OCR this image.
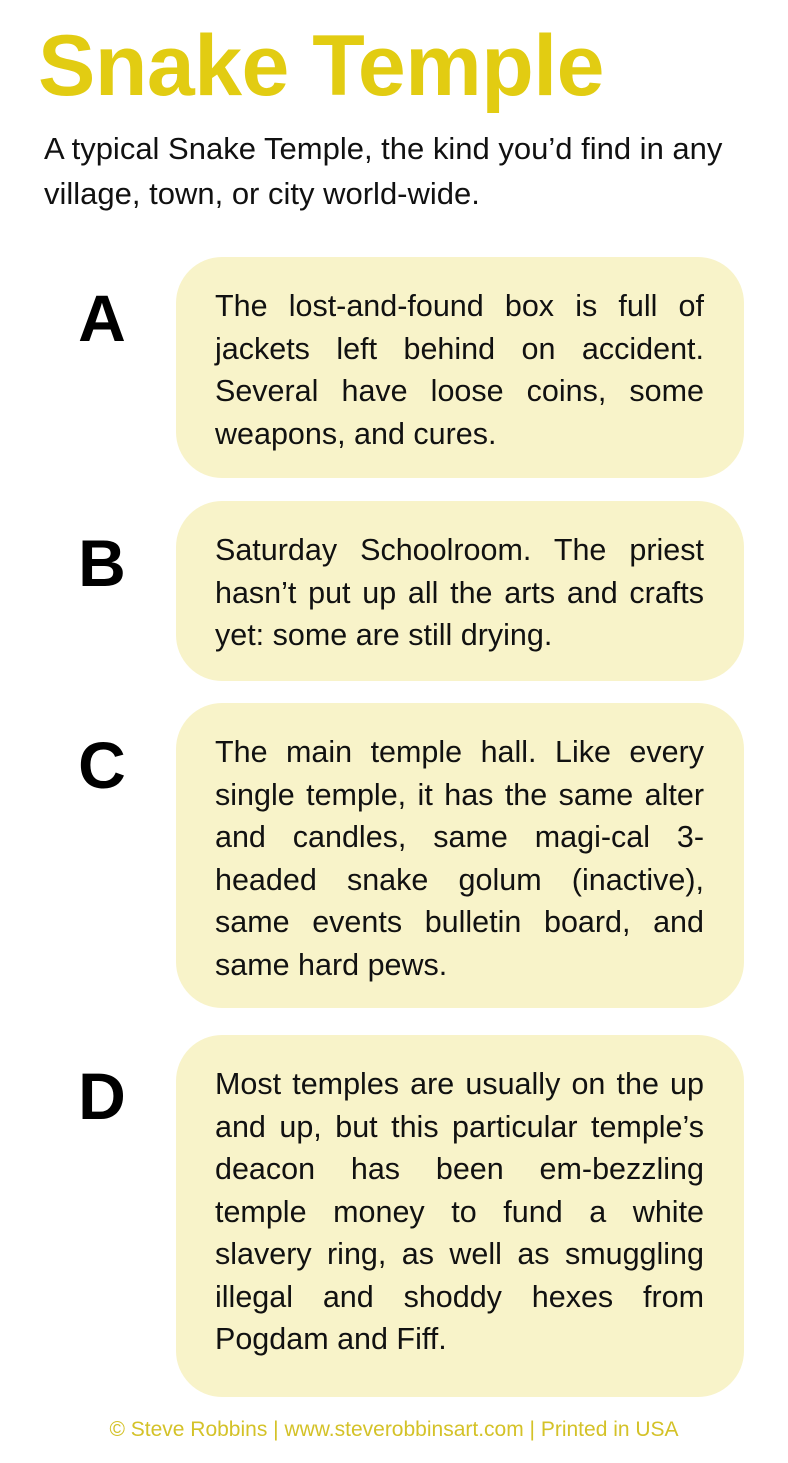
Snake Temple

A typical Snake Temple, the kind you’d find in any village, town, or city world-wide.

A	The lost-and-found box is full of jackets left behind on accident. Several have loose coins, some weapons, and cures.

B	Saturday Schoolroom. The priest hasn’t put up all the arts and crafts yet: some are still drying.

C	The main temple hall. Like every single temple, it has the same alter and candles, same magi-cal 3-headed snake golum (inactive), same events bulletin board, and same hard pews.

D	Most temples are usually on the up and up, but this particular temple’s deacon has been em-bezzling temple money to fund a white slavery ring, as well as smuggling illegal and shoddy hexes from Pogdam and Fiff.

© Steve Robbins | www.steverobbinsart.com | Printed in USA
